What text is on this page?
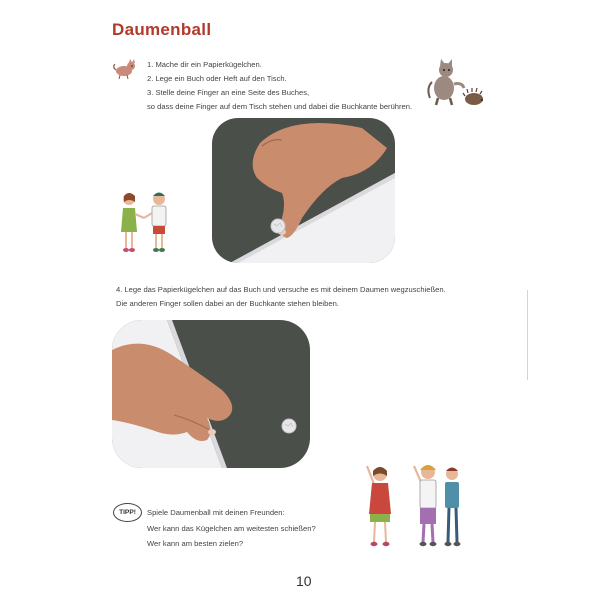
Daumenball
1. Mache dir ein Papierkügelchen.
2. Lege ein Buch oder Heft auf den Tisch.
3. Stelle deine Finger an eine Seite des Buches,
so dass deine Finger auf dem Tisch stehen und dabei die Buchkante berühren.
4. Lege das Papierkügelchen auf das Buch und versuche es mit deinem Daumen wegzuschießen.
Die anderen Finger sollen dabei an der Buchkante stehen bleiben.
TIPP!	Spiele Daumenball mit deinen Freunden:
Wer kann das Kügelchen am weitesten schießen?
Wer kann am besten zielen?
10
